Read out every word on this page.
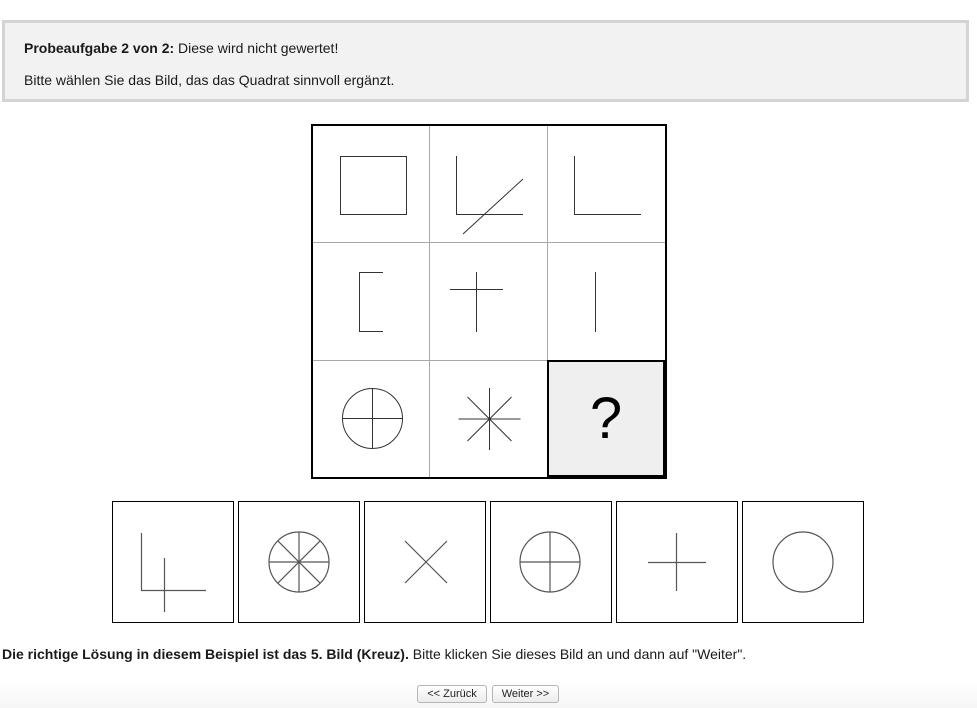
Probeaufgabe 2 von 2: Diese wird nicht gewertet!
Bitte wählen Sie das Bild, das das Quadrat sinnvoll ergänzt.
?
Die richtige Lösung in diesem Beispiel ist das 5. Bild (Kreuz). Bitte klicken Sie dieses Bild an und dann auf "Weiter".
<< Zurück	Weiter >>
